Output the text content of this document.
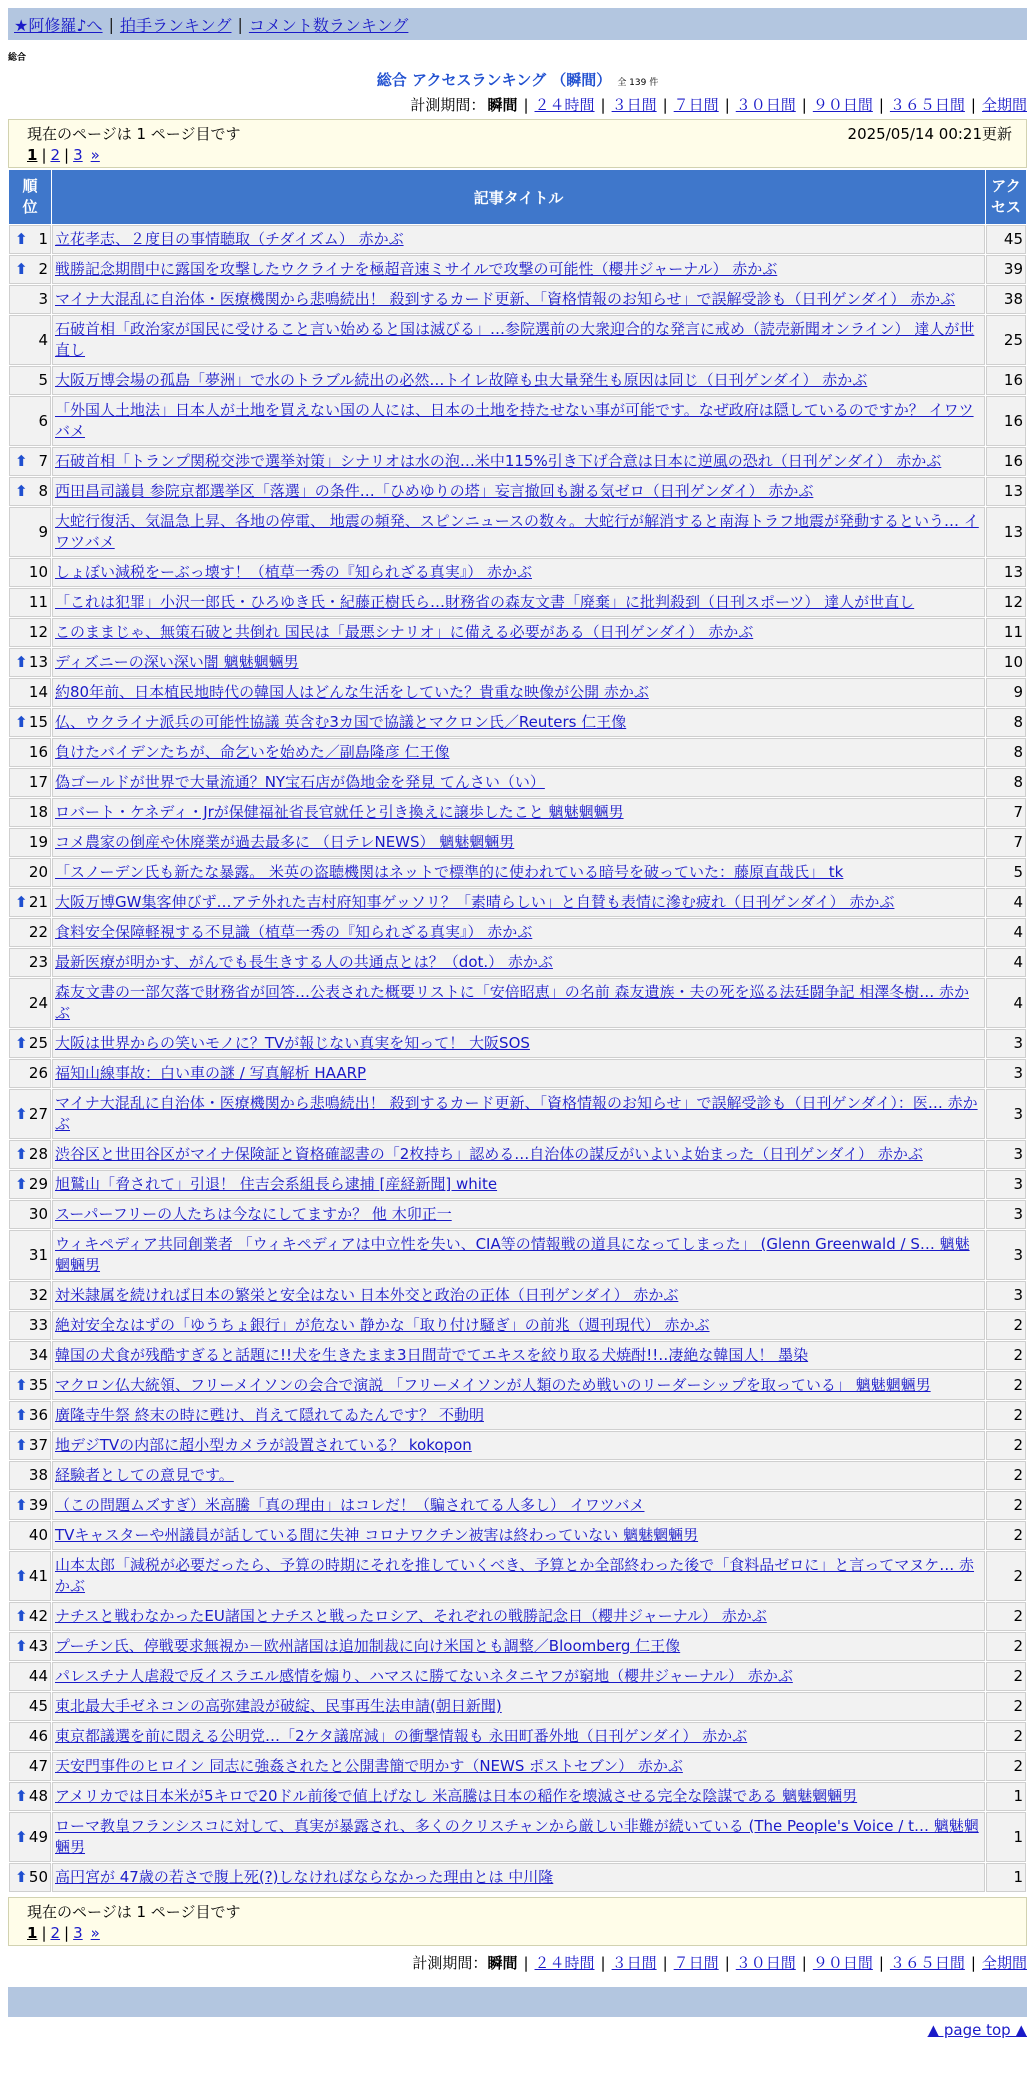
★阿修羅♪へ | 拍手ランキング | コメント数ランキング
総合
総合 アクセスランキング （瞬間） 全 139 件
計測期間： 瞬間 | ２４時間 | ３日間 | ７日間 | ３０日間 | ９０日間 | ３６５日間 | 全期間
現在のページは 1 ページ目です	2025/05/14 00:21更新
1 | 2 | 3 »
順位	記事タイトル	アクセス

⬆ 1	立花孝志、２度目の事情聴取（チダイズム） 赤かぶ	45

⬆ 2	戦勝記念期間中に露国を攻撃したウクライナを極超音速ミサイルで攻撃の可能性（櫻井ジャーナル） 赤かぶ	39
3	マイナ大混乱に自治体・医療機関から悲鳴続出！ 殺到するカード更新、「資格情報のお知らせ」で誤解受診も（日刊ゲンダイ） 赤かぶ	38
4	石破首相「政治家が国民に受けること言い始めると国は滅びる」…参院選前の大衆迎合的な発言に戒め（読売新聞オンライン） 達人が世直し	25
5	大阪万博会場の孤島「夢洲」で水のトラブル続出の必然…トイレ故障も虫大量発生も原因は同じ（日刊ゲンダイ） 赤かぶ	16
6	「外国人土地法」日本人が土地を買えない国の人には、日本の土地を持たせない事が可能です。なぜ政府は隠しているのですか？ イワツバメ	16

⬆ 7	石破首相「トランプ関税交渉で選挙対策」シナリオは水の泡…米中115%引き下げ合意は日本に逆風の恐れ（日刊ゲンダイ） 赤かぶ	16

⬆ 8	西田昌司議員 参院京都選挙区「落選」の条件…「ひめゆりの塔」妄言撤回も謝る気ゼロ（日刊ゲンダイ） 赤かぶ	13
9	大蛇行復活、気温急上昇、各地の停電、 地震の頻発、スピンニュースの数々。大蛇行が解消すると南海トラフ地震が発動するという… イワツバメ	13
10	しょぼい減税をーぶっ壊す！（植草一秀の『知られざる真実』） 赤かぶ	13
11	「これは犯罪」小沢一郎氏・ひろゆき氏・紀藤正樹氏ら…財務省の森友文書「廃棄」に批判殺到（日刊スポーツ） 達人が世直し	12
12	このままじゃ、無策石破と共倒れ 国民は「最悪シナリオ」に備える必要がある（日刊ゲンダイ） 赤かぶ	11

⬆ 13	ディズニーの深い深い闇 魑魅魍魎男	10
14	約80年前、日本植民地時代の韓国人はどんな生活をしていた？貴重な映像が公開 赤かぶ	9

⬆ 15	仏、ウクライナ派兵の可能性協議 英含む3カ国で協議とマクロン氏／Reuters 仁王像	8
16	負けたバイデンたちが、命乞いを始めた／副島隆彦 仁王像	8
17	偽ゴールドが世界で大量流通？NY宝石店が偽地金を発見 てんさい（い）	8
18	ロバート・ケネディ・Jrが保健福祉省長官就任と引き換えに譲歩したこと 魑魅魍魎男	7
19	コメ農家の倒産や休廃業が過去最多に （日テレNEWS） 魑魅魍魎男	7
20	「スノーデン氏も新たな暴露。 米英の盗聴機関はネットで標準的に使われている暗号を破っていた：藤原直哉氏」 tk	5

⬆ 21	大阪万博GW集客伸びず…アテ外れた吉村府知事ゲッソリ？「素晴らしい」と自賛も表情に滲む疲れ（日刊ゲンダイ） 赤かぶ	4
22	食料安全保障軽視する不見識（植草一秀の『知られざる真実』） 赤かぶ	4
23	最新医療が明かす、がんでも長生きする人の共通点とは？（dot.） 赤かぶ	4
24	森友文書の一部欠落で財務省が回答…公表された概要リストに「安倍昭恵」の名前 森友遺族・夫の死を巡る法廷闘争記 相澤冬樹… 赤かぶ	4

⬆ 25	大阪は世界からの笑いモノに？TVが報じない真実を知って！ 大阪SOS	3
26	福知山線事故：白い車の謎 / 写真解析 HAARP	3

⬆ 27	マイナ大混乱に自治体・医療機関から悲鳴続出！ 殺到するカード更新、「資格情報のお知らせ」で誤解受診も（日刊ゲンダイ）：医… 赤かぶ	3

⬆ 28	渋谷区と世田谷区がマイナ保険証と資格確認書の「2枚持ち」認める…自治体の謀反がいよいよ始まった（日刊ゲンダイ） 赤かぶ	3

⬆ 29	旭鷲山「脅されて」引退！ 住吉会系組長ら逮捕 [産経新聞] white	3
30	スーパーフリーの人たちは今なにしてますか？ 他 木卯正一	3
31	ウィキペディア共同創業者 「ウィキペディアは中立性を失い、CIA等の情報戦の道具になってしまった」 (Glenn Greenwald / S… 魑魅魍魎男	3
32	対米隷属を続ければ日本の繁栄と安全はない 日本外交と政治の正体（日刊ゲンダイ） 赤かぶ	3
33	絶対安全なはずの「ゆうちょ銀行」が危ない 静かな「取り付け騒ぎ」の前兆（週刊現代） 赤かぶ	2
34	韓国の犬食が残酷すぎると話題に!!犬を生きたまま3日間苛でてエキスを絞り取る犬焼酎!!‥凄絶な韓国人！ 墨染	2

⬆ 35	マクロン仏大統領、フリーメイソンの会合で演説 「フリーメイソンが人類のため戦いのリーダーシップを取っている」 魑魅魍魎男	2

⬆ 36	廣隆寺牛祭 終末の時に甦け、肖えて隠れてゐたんです？ 不動明	2

⬆ 37	地デジTVの内部に超小型カメラが設置されている？ kokopon	2
38	経験者としての意見です。	2

⬆ 39	（この問題ムズすぎ）米高騰「真の理由」はコレだ！（騙されてる人多し） イワツバメ	2
40	TVキャスターや州議員が話している間に失神 コロナワクチン被害は終わっていない 魑魅魍魎男	2

⬆ 41	山本太郎「減税が必要だったら、予算の時期にそれを推していくべき、予算とか全部終わった後で「食料品ゼロに」と言ってマヌケ… 赤かぶ	2

⬆ 42	ナチスと戦わなかったEU諸国とナチスと戦ったロシア、それぞれの戦勝記念日（櫻井ジャーナル） 赤かぶ	2

⬆ 43	プーチン氏、停戦要求無視か－欧州諸国は追加制裁に向け米国とも調整／Bloomberg 仁王像	2
44	パレスチナ人虐殺で反イスラエル感情を煽り、ハマスに勝てないネタニヤフが窮地（櫻井ジャーナル） 赤かぶ	2
45	東北最大手ゼネコンの高弥建設が破綻、民事再生法申請(朝日新聞)	2
46	東京都議選を前に悶える公明党…「2ケタ議席減」の衝撃情報も 永田町番外地（日刊ゲンダイ） 赤かぶ	2
47	天安門事件のヒロイン 同志に強姦されたと公開書簡で明かす（NEWS ポストセブン） 赤かぶ	2

⬆ 48	アメリカでは日本米が5キロで20ドル前後で値上げなし 米高騰は日本の稲作を壊滅させる完全な陰謀である 魑魅魍魎男	1

⬆ 49	ローマ教皇フランシスコに対して、真実が暴露され、多くのクリスチャンから厳しい非難が続いている (The People's Voice / t… 魑魅魍魎男	1

⬆ 50	高円宮が 47歳の若さで腹上死(?)しなければならなかった理由とは 中川隆	1
現在のページは 1 ページ目です
1 | 2 | 3 »
計測期間：瞬間 | ２４時間 | ３日間 | ７日間 | ３０日間 | ９０日間 | ３６５日間 | 全期間
▲ page top ▲
